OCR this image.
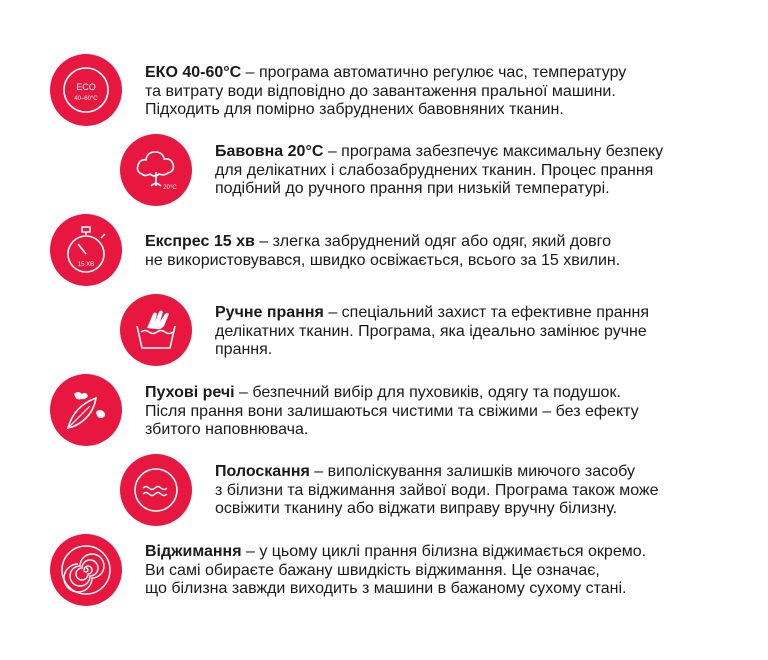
ECO
40–60°C
ЕКО 40-60°С – програма автоматично регулює час, температуру
та витрату води відповідно до завантаження пральної машини.
Підходить для помірно забруднених бавовняних тканин.
20°C
Бавовна 20°С – програма забезпечує максимальну безпеку
для делікатних і слабозабруднених тканин. Процес прання
подібний до ручного прання при низькій температурі.
15 ХВ
Експрес 15 хв – злегка забруднений одяг або одяг, який довго
не використовувався, швидко освіжається, всього за 15 хвилин.
Ручне прання – спеціальний захист та ефективне прання
делікатних тканин. Програма, яка ідеально замінює ручне
прання.
Пухові речі – безпечний вибір для пуховиків, одягу та подушок.
Після прання вони залишаються чистими та свіжими – без ефекту
збитого наповнювача.
Полоскання – виполіскування залишків миючого засобу
з білизни та віджимання зайвої води. Програма також може
освіжити тканину або віджати виправу вручну білизну.
Віджимання – у цьому циклі прання білизна віджимається окремо.
Ви самі обираєте бажану швидкість віджимання. Це означає,
що білизна завжди виходить з машини в бажаному сухому стані.
